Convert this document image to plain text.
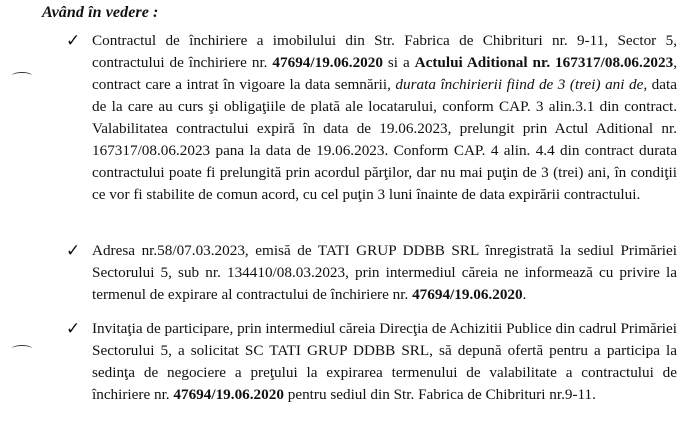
Având în vedere :
✓ Contractul de închiriere a imobilului din Str. Fabrica de Chibrituri nr. 9-11, Sector 5, contractului de închiriere nr. 47694/19.06.2020 si a Actului Aditional nr. 167317/08.06.2023, contract care a intrat în vigoare la data semnării, durata închirierii fiind de 3 (trei) ani de, data de la care au curs şi obligaţiile de plată ale locatarului, conform CAP. 3 alin.3.1 din contract. Valabilitatea contractului expiră în data de 19.06.2023, prelungit prin Actul Aditional nr. 167317/08.06.2023 pana la data de 19.06.2023. Conform CAP. 4 alin. 4.4 din contract durata contractului poate fi prelungită prin acordul părţilor, dar nu mai puţin de 3 (trei) ani, în condiţii ce vor fi stabilite de comun acord, cu cel puţin 3 luni înainte de data expirării contractului.
✓ Adresa nr.58/07.03.2023, emisă de TATI GRUP DDBB SRL înregistrată la sediul Primăriei Sectorului 5, sub nr. 134410/08.03.2023, prin intermediul căreia ne informează cu privire la termenul de expirare al contractului de închiriere nr. 47694/19.06.2020.
✓ Invitaţia de participare, prin intermediul căreia Direcţia de Achizitii Publice din cadrul Primăriei Sectorului 5, a solicitat SC TATI GRUP DDBB SRL, să depună ofertă pentru a participa la sedinţa de negociere a preţului la expirarea termenului de valabilitate a contractului de închiriere nr. 47694/19.06.2020 pentru sediul din Str. Fabrica de Chibrituri nr.9-11.
